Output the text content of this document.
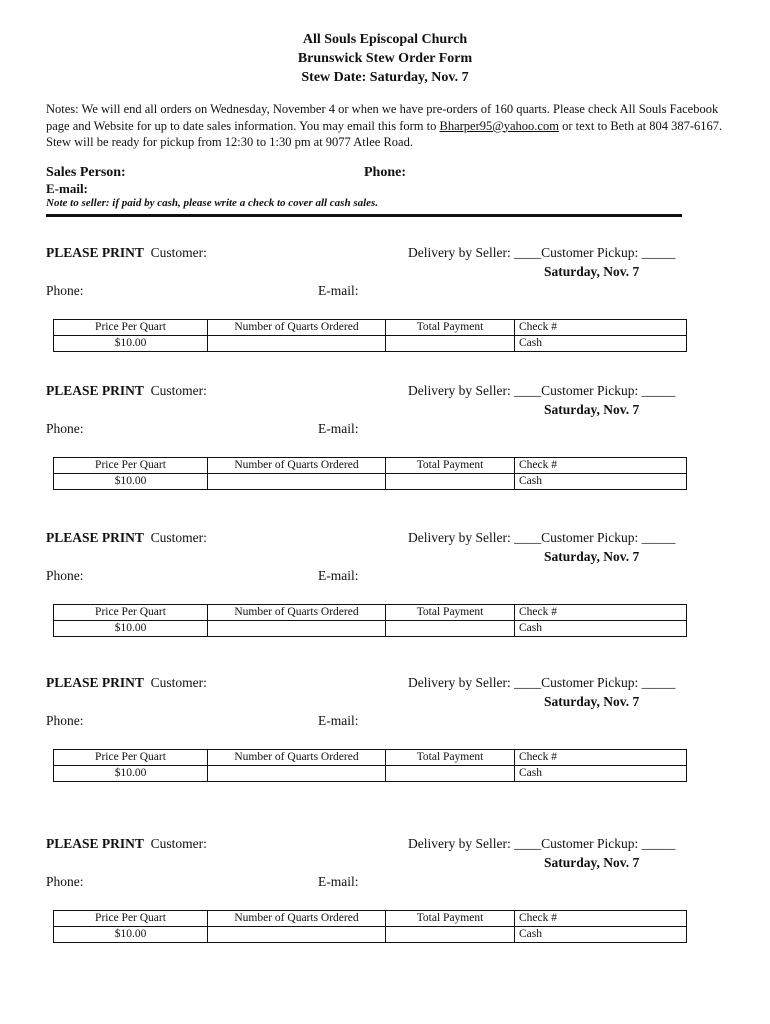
All Souls Episcopal Church
Brunswick Stew Order Form
Stew Date: Saturday, Nov. 7
Notes: We will end all orders on Wednesday, November 4 or when we have pre-orders of 160 quarts. Please check All Souls Facebook page and Website for up to date sales information. You may email this form to Bharper95@yahoo.com or text to Beth at 804 387-6167. Stew will be ready for pickup from 12:30 to 1:30 pm at 9077 Atlee Road.
Sales Person:	Phone:
E-mail:
Note to seller: if paid by cash, please write a check to cover all cash sales.
PLEASE PRINT Customer:	Delivery by Seller: ____Customer Pickup: _____
Saturday, Nov. 7
Phone:	E-mail:
Price Per Quart	Number of Quarts Ordered	Total Payment	Check #
$10.00			Cash
PLEASE PRINT Customer:	Delivery by Seller: ____Customer Pickup: _____
Saturday, Nov. 7
Phone:	E-mail:
Price Per Quart	Number of Quarts Ordered	Total Payment	Check #
$10.00			Cash
PLEASE PRINT Customer:	Delivery by Seller: ____Customer Pickup: _____
Saturday, Nov. 7
Phone:	E-mail:
Price Per Quart	Number of Quarts Ordered	Total Payment	Check #
$10.00			Cash
PLEASE PRINT Customer:	Delivery by Seller: ____Customer Pickup: _____
Saturday, Nov. 7
Phone:	E-mail:
Price Per Quart	Number of Quarts Ordered	Total Payment	Check #
$10.00			Cash
PLEASE PRINT Customer:	Delivery by Seller: ____Customer Pickup: _____
Saturday, Nov. 7
Phone:	E-mail:
Price Per Quart	Number of Quarts Ordered	Total Payment	Check #
$10.00			Cash
